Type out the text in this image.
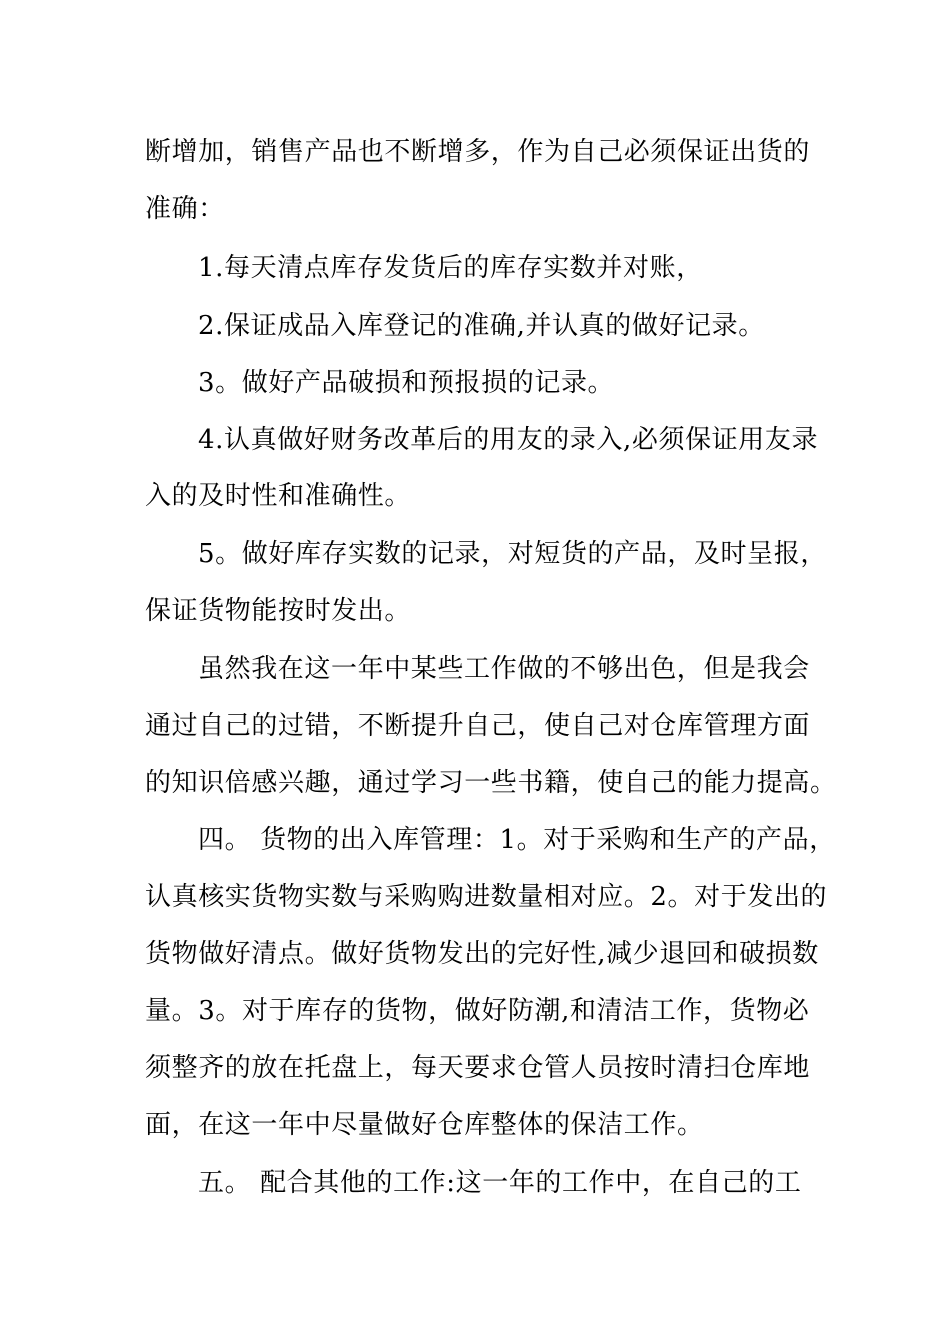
断增加，销售产品也不断增多，作为自己必须保证出货的
准确：
1.每天清点库存发货后的库存实数并对账，
2.保证成品入库登记的准确,并认真的做好记录。
3。做好产品破损和预报损的记录。
4.认真做好财务改革后的用友的录入,必须保证用友录
入的及时性和准确性。
5。做好库存实数的记录，对短货的产品，及时呈报，
保证货物能按时发出。
虽然我在这一年中某些工作做的不够出色，但是我会
通过自己的过错，不断提升自己，使自己对仓库管理方面
的知识倍感兴趣，通过学习一些书籍，使自己的能力提高。
四。 货物的出入库管理：1。对于采购和生产的产品，
认真核实货物实数与采购购进数量相对应。2。对于发出的
货物做好清点。做好货物发出的完好性,减少退回和破损数
量。3。对于库存的货物，做好防潮,和清洁工作，货物必
须整齐的放在托盘上，每天要求仓管人员按时清扫仓库地
面，在这一年中尽量做好仓库整体的保洁工作。
五。 配合其他的工作:这一年的工作中，在自己的工
